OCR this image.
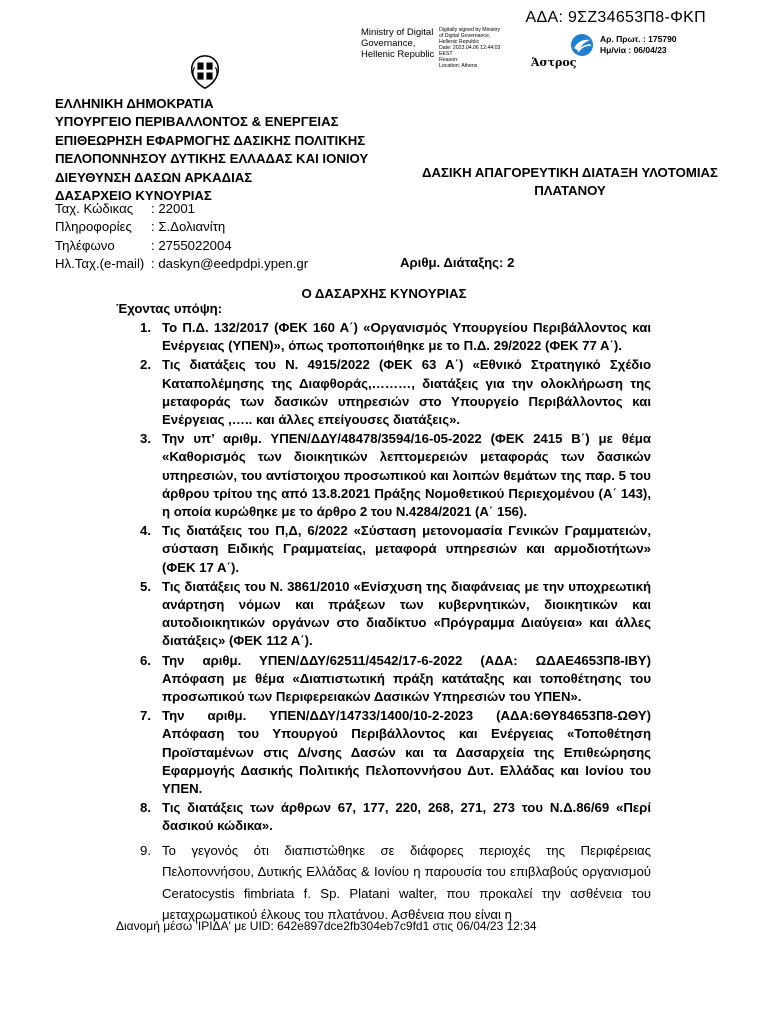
ΑΔΑ: 9ΣΖ34653Π8-ΦΚΠ
Ministry of Digital
Governance,
Hellenic Republic
Digitally signed by Ministry
of Digital Governance,
Hellenic Republic
Date: 2023.04.06 12:44:03
EEST
Reason:
Location: Athens
Αρ. Πρωτ. : 175790
Ημ/νία : 06/04/23
Άστρος
ΕΛΛΗΝΙΚΗ ΔΗΜΟΚΡΑΤΙΑ
ΥΠΟΥΡΓΕΙΟ ΠΕΡΙΒΑΛΛΟΝΤΟΣ & ΕΝΕΡΓΕΙΑΣ
ΕΠΙΘΕΩΡΗΣΗ ΕΦΑΡΜΟΓΗΣ ΔΑΣΙΚΗΣ ΠΟΛΙΤΙΚΗΣ
ΠΕΛΟΠΟΝΝΗΣΟΥ ΔΥΤΙΚΗΣ ΕΛΛΑΔΑΣ ΚΑΙ ΙΟΝΙΟΥ
ΔΙΕΥΘΥΝΣΗ ΔΑΣΩΝ ΑΡΚΑΔΙΑΣ
ΔΑΣΑΡΧΕΙΟ ΚΥΝΟΥΡΙΑΣ
ΔΑΣΙΚΗ ΑΠΑΓΟΡΕΥΤΙΚΗ ΔΙΑΤΑΞΗ ΥΛΟΤΟΜΙΑΣ
ΠΛΑΤΑΝΟΥ
Ταχ. Κώδικας : 22001
Πληροφορίες : Σ.Δολιανίτη
Τηλέφωνο	: 2755022004
Ηλ.Ταχ.(e-mail) : daskyn@eedpdpi.ypen.gr	Αριθμ. Διάταξης: 2
Ο ΔΑΣΑΡΧΗΣ ΚΥΝΟΥΡΙΑΣ
Έχοντας υπόψη:
1. Το Π.Δ. 132/2017 (ΦΕΚ 160 Α΄) «Οργανισμός Υπουργείου Περιβάλλοντος και Ενέργειας (ΥΠΕΝ)», όπως τροποποιήθηκε με το Π.Δ. 29/2022 (ΦΕΚ 77 Α΄).
2. Τις διατάξεις του Ν. 4915/2022 (ΦΕΚ 63 Α΄) «Εθνικό Στρατηγικό Σχέδιο Καταπολέμησης της Διαφθοράς,………, διατάξεις για την ολοκλήρωση της μεταφοράς των δασικών υπηρεσιών στο Υπουργείο Περιβάλλοντος και Ενέργειας ,….. και άλλες επείγουσες διατάξεις».
3. Την υπ’ αριθμ. ΥΠΕΝ/ΔΔΥ/48478/3594/16-05-2022 (ΦΕΚ 2415 Β΄) με θέμα «Καθορισμός των διοικητικών λεπτομερειών μεταφοράς των δασικών υπηρεσιών, του αντίστοιχου προσωπικού και λοιπών θεμάτων της παρ. 5 του άρθρου τρίτου της από 13.8.2021 Πράξης Νομοθετικού Περιεχομένου (Α΄ 143), η οποία κυρώθηκε με το άρθρο 2 του Ν.4284/2021 (Α΄ 156).
4. Τις διατάξεις του Π,Δ, 6/2022 «Σύσταση μετονομασία Γενικών Γραμματειών, σύσταση Ειδικής Γραμματείας, μεταφορά υπηρεσιών και αρμοδιοτήτων» (ΦΕΚ 17 Α΄).
5. Τις διατάξεις του Ν. 3861/2010 «Ενίσχυση της διαφάνειας με την υποχρεωτική ανάρτηση νόμων και πράξεων των κυβερνητικών, διοικητικών και αυτοδιοικητικών οργάνων στο διαδίκτυο «Πρόγραμμα Διαύγεια» και άλλες διατάξεις» (ΦΕΚ 112 Α΄).
6. Την αριθμ. ΥΠΕΝ/ΔΔΥ/62511/4542/17-6-2022 (ΑΔΑ: ΩΔΑΕ4653Π8-ΙΒΥ) Απόφαση με θέμα «Διαπιστωτική πράξη κατάταξης και τοποθέτησης του προσωπικού των Περιφερειακών Δασικών Υπηρεσιών του ΥΠΕΝ».
7. Την αριθμ. ΥΠΕΝ/ΔΔΥ/14733/1400/10-2-2023 (ΑΔΑ:6ΘΥ84653Π8-ΩΘΥ) Απόφαση του Υπουργού Περιβάλλοντος και Ενέργειας «Τοποθέτηση Προϊσταμένων στις Δ/νσης Δασών και τα Δασαρχεία της Επιθεώρησης Εφαρμογής Δασικής Πολιτικής Πελοποννήσου Δυτ. Ελλάδας και Ιονίου του ΥΠΕΝ.
8. Τις διατάξεις των άρθρων 67, 177, 220, 268, 271, 273 του Ν.Δ.86/69 «Περί δασικού κώδικα».
9. Το γεγονός ότι διαπιστώθηκε σε διάφορες περιοχές της Περιφέρειας Πελοποννήσου, Δυτικής Ελλάδας & Ιονίου η παρουσία του επιβλαβούς οργανισμού Ceratocystis fimbriata f. Sp. Platani walter, που προκαλεί την ασθένεια του μεταχρωματικού έλκους του πλατάνου. Ασθένεια που είναι η
Διανομή μέσω 'ΙΡΙΔΑ' με UID: 642e897dce2fb304eb7c9fd1 στις 06/04/23 12:34
